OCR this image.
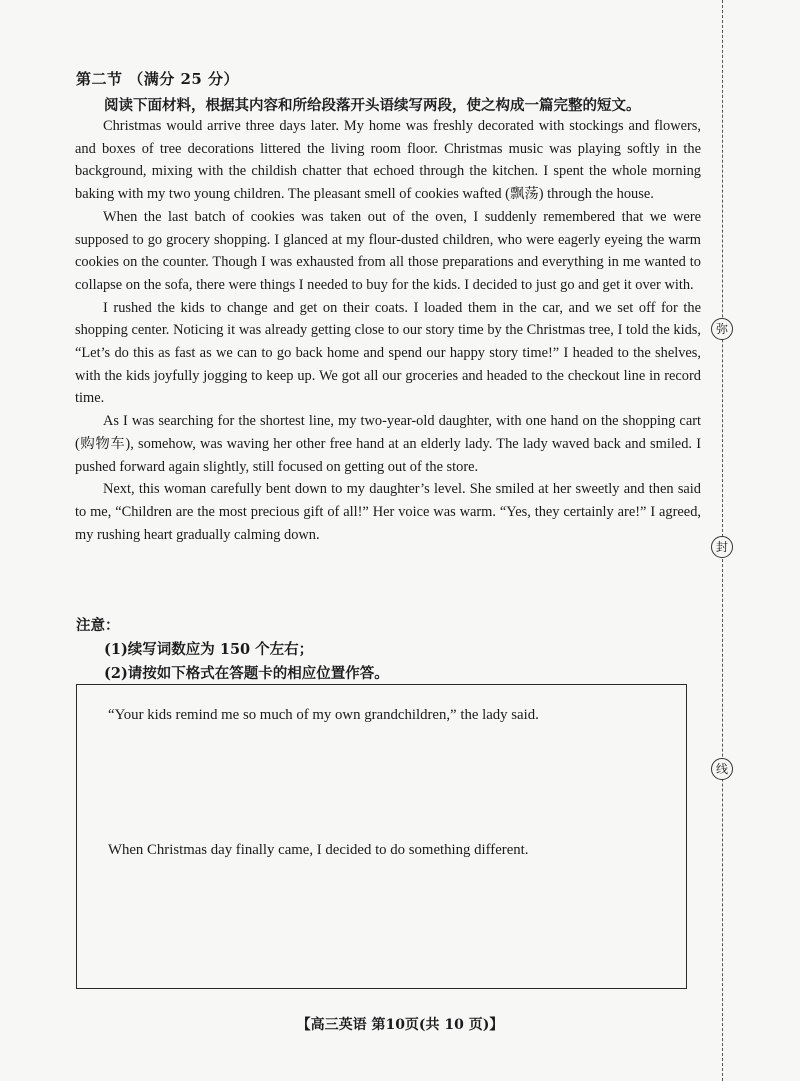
第二节 （满分 25 分）
阅读下面材料，根据其内容和所给段落开头语续写两段，使之构成一篇完整的短文。

Christmas would arrive three days later. My home was freshly decorated with stockings and flowers, and boxes of tree decorations littered the living room floor. Christmas music was playing softly in the background, mixing with the childish chatter that echoed through the kitchen. I spent the whole morning baking with my two young children. The pleasant smell of cookies wafted (飘荡) through the house.

When the last batch of cookies was taken out of the oven, I suddenly remembered that we were supposed to go grocery shopping. I glanced at my flour-dusted children, who were eagerly eyeing the warm cookies on the counter. Though I was exhausted from all those preparations and everything in me wanted to collapse on the sofa, there were things I needed to buy for the kids. I decided to just go and get it over with.

I rushed the kids to change and get on their coats. I loaded them in the car, and we set off for the shopping center. Noticing it was already getting close to our story time by the Christmas tree, I told the kids, “Let’s do this as fast as we can to go back home and spend our happy story time!” I headed to the shelves, with the kids joyfully jogging to keep up. We got all our groceries and headed to the checkout line in record time.

As I was searching for the shortest line, my two-year-old daughter, with one hand on the shopping cart (购物车), somehow, was waving her other free hand at an elderly lady. The lady waved back and smiled. I pushed forward again slightly, still focused on getting out of the store.

Next, this woman carefully bent down to my daughter’s level. She smiled at her sweetly and then said to me, “Children are the most precious gift of all!” Her voice was warm. “Yes, they certainly are!” I agreed, my rushing heart gradually calming down.

注意：
(1)续写词数应为 150 个左右；
(2)请按如下格式在答题卡的相应位置作答。
“Your kids remind me so much of my own grandchildren,” the lady said.
When Christmas day finally came, I decided to do something different.
【高三英语 第10页(共 10 页)】
弥
封
线
